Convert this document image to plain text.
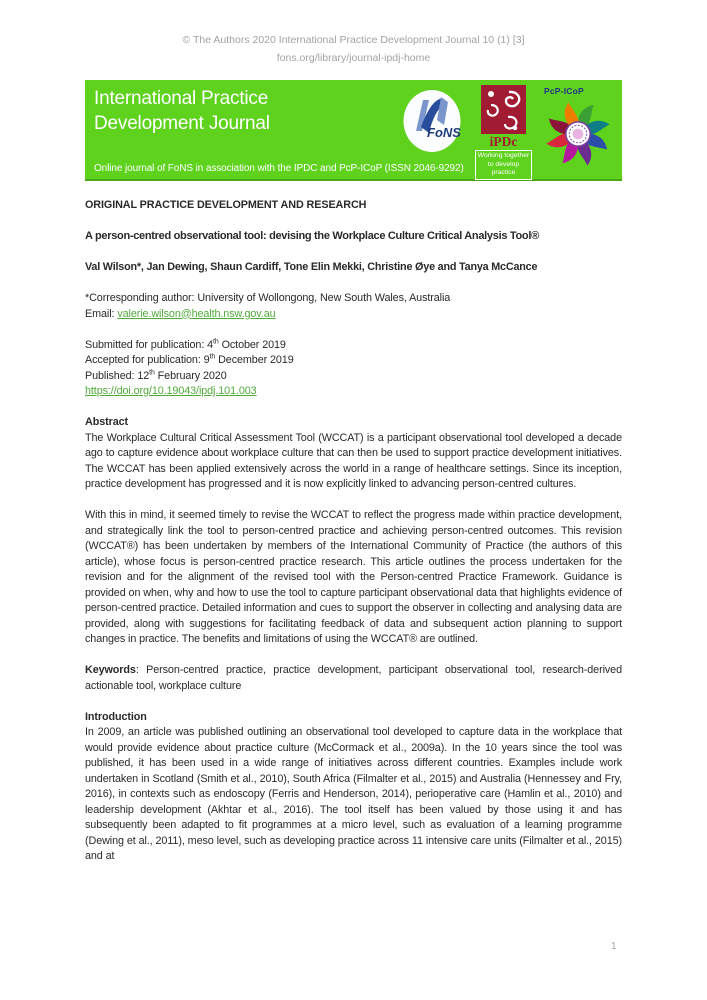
© The Authors 2020 International Practice Development Journal 10 (1) [3]
fons.org/library/journal-ipdj-home
International Practice
Development Journal	FoNS
iPDc
Working together
to develop practice
PcP-ICoP
Online journal of FoNS in association with the IPDC and PcP-ICoP (ISSN 2046-9292)
ORIGINAL PRACTICE DEVELOPMENT AND RESEARCH
A person-centred observational tool: devising the Workplace Culture Critical Analysis Tool®
Val Wilson*, Jan Dewing, Shaun Cardiff, Tone Elin Mekki, Christine Øye and Tanya McCance
*Corresponding author: University of Wollongong, New South Wales, Australia
Email: valerie.wilson@health.nsw.gov.au
Submitted for publication: 4th October 2019
Accepted for publication: 9th December 2019
Published: 12th February 2020
https://doi.org/10.19043/ipdj.101.003
Abstract

The Workplace Cultural Critical Assessment Tool (WCCAT) is a participant observational tool developed a decade ago to capture evidence about workplace culture that can then be used to support practice development initiatives. The WCCAT has been applied extensively across the world in a range of healthcare settings. Since its inception, practice development has progressed and it is now explicitly linked to advancing person-centred cultures.

With this in mind, it seemed timely to revise the WCCAT to reflect the progress made within practice development, and strategically link the tool to person-centred practice and achieving person-centred outcomes. This revision (WCCAT®) has been undertaken by members of the International Community of Practice (the authors of this article), whose focus is person-centred practice research. This article outlines the process undertaken for the revision and for the alignment of the revised tool with the Person-centred Practice Framework. Guidance is provided on when, why and how to use the tool to capture participant observational data that highlights evidence of person-centred practice. Detailed information and cues to support the observer in collecting and analysing data are provided, along with suggestions for facilitating feedback of data and subsequent action planning to support changes in practice. The benefits and limitations of using the WCCAT® are outlined.

Keywords: Person-centred practice, practice development, participant observational tool, research-derived actionable tool, workplace culture

Introduction

In 2009, an article was published outlining an observational tool developed to capture data in the workplace that would provide evidence about practice culture (McCormack et al., 2009a). In the 10 years since the tool was published, it has been used in a wide range of initiatives across different countries. Examples include work undertaken in Scotland (Smith et al., 2010), South Africa (Filmalter et al., 2015) and Australia (Hennessey and Fry, 2016), in contexts such as endoscopy (Ferris and Henderson, 2014), perioperative care (Hamlin et al., 2010) and leadership development (Akhtar et al., 2016). The tool itself has been valued by those using it and has subsequently been adapted to fit programmes at a micro level, such as evaluation of a learning programme (Dewing et al., 2011), meso level, such as developing practice across 11 intensive care units (Filmalter et al., 2015) and at

1
